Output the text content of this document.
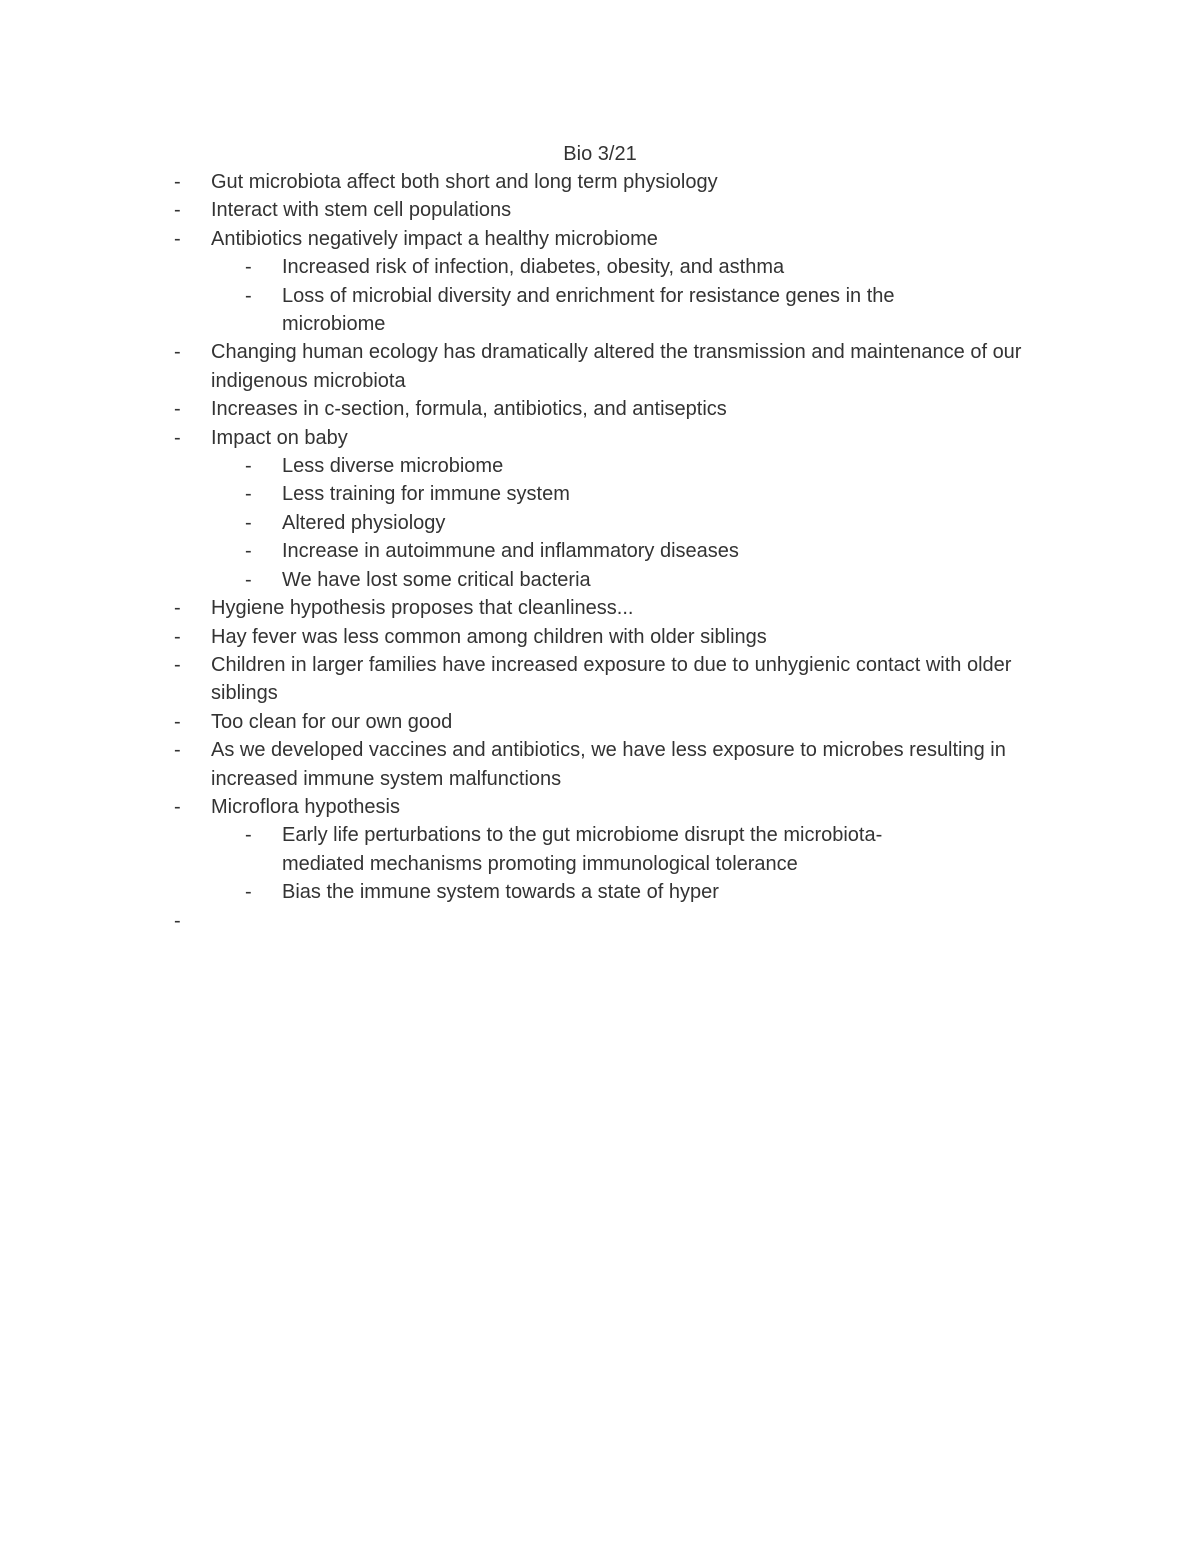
Bio 3/21
- Gut microbiota affect both short and long term physiology
- Interact with stem cell populations
- Antibiotics negatively impact a healthy microbiome
- Increased risk of infection, diabetes, obesity, and asthma
- Loss of microbial diversity and enrichment for resistance genes in the microbiome
- Changing human ecology has dramatically altered the transmission and maintenance of our indigenous microbiota
- Increases in c-section, formula, antibiotics, and antiseptics
- Impact on baby
- Less diverse microbiome
- Less training for immune system
- Altered physiology
- Increase in autoimmune and inflammatory diseases
- We have lost some critical bacteria
- Hygiene hypothesis proposes that cleanliness...
- Hay fever was less common among children with older siblings
- Children in larger families have increased exposure to due to unhygienic contact with older siblings
- Too clean for our own good
- As we developed vaccines and antibiotics, we have less exposure to microbes resulting in increased immune system malfunctions
- Microflora hypothesis
- Early life perturbations to the gut microbiome disrupt the microbiota-mediated mechanisms promoting immunological tolerance
- Bias the immune system towards a state of hyper
-
